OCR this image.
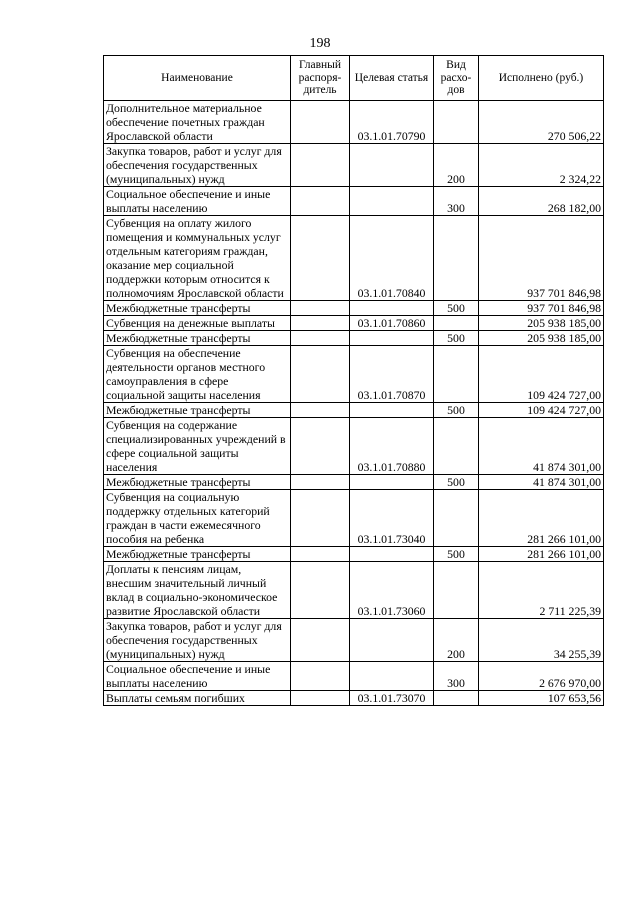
198
Наименование	Главный распоря-дитель	Целевая статья	Вид расхо-дов	Исполнено (руб.)
Дополнительное материальное обеспечение почетных граждан Ярославской области		03.1.01.70790		270 506,22
Закупка товаров, работ и услуг для обеспечения государственных (муниципальных) нужд			200	2 324,22
Социальное обеспечение и иные выплаты населению			300	268 182,00
Субвенция на оплату жилого помещения и коммунальных услуг отдельным категориям граждан, оказание мер социальной поддержки которым относится к полномочиям Ярославской области		03.1.01.70840		937 701 846,98
Межбюджетные трансферты			500	937 701 846,98
Субвенция на денежные выплаты		03.1.01.70860		205 938 185,00
Межбюджетные трансферты			500	205 938 185,00
Субвенция на обеспечение деятельности органов местного самоуправления в сфере социальной защиты населения		03.1.01.70870		109 424 727,00
Межбюджетные трансферты			500	109 424 727,00
Субвенция на содержание специализированных учреждений в сфере социальной защиты населения		03.1.01.70880		41 874 301,00
Межбюджетные трансферты			500	41 874 301,00
Субвенция на социальную поддержку отдельных категорий граждан в части ежемесячного пособия на ребенка		03.1.01.73040		281 266 101,00
Межбюджетные трансферты			500	281 266 101,00
Доплаты к пенсиям лицам, внесшим значительный личный вклад в социально-экономическое развитие Ярославской области		03.1.01.73060		2 711 225,39
Закупка товаров, работ и услуг для обеспечения государственных (муниципальных) нужд			200	34 255,39
Социальное обеспечение и иные выплаты населению			300	2 676 970,00
Выплаты семьям погибших		03.1.01.73070		107 653,56
